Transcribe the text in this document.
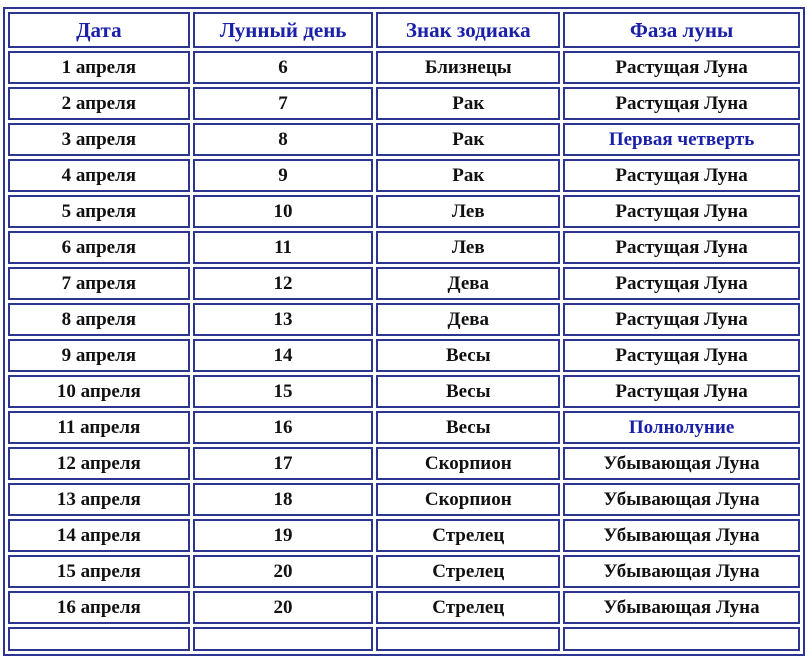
Дата	Лунный день	Знак зодиака	Фаза луны
1 апреля	6	Близнецы	Растущая Луна
2 апреля	7	Рак	Растущая Луна
3 апреля	8	Рак	Первая четверть
4 апреля	9	Рак	Растущая Луна
5 апреля	10	Лев	Растущая Луна
6 апреля	11	Лев	Растущая Луна
7 апреля	12	Дева	Растущая Луна
8 апреля	13	Дева	Растущая Луна
9 апреля	14	Весы	Растущая Луна
10 апреля	15	Весы	Растущая Луна
11 апреля	16	Весы	Полнолуние
12 апреля	17	Скорпион	Убывающая Луна
13 апреля	18	Скорпион	Убывающая Луна
14 апреля	19	Стрелец	Убывающая Луна
15 апреля	20	Стрелец	Убывающая Луна
16 апреля	20	Стрелец	Убывающая Луна
